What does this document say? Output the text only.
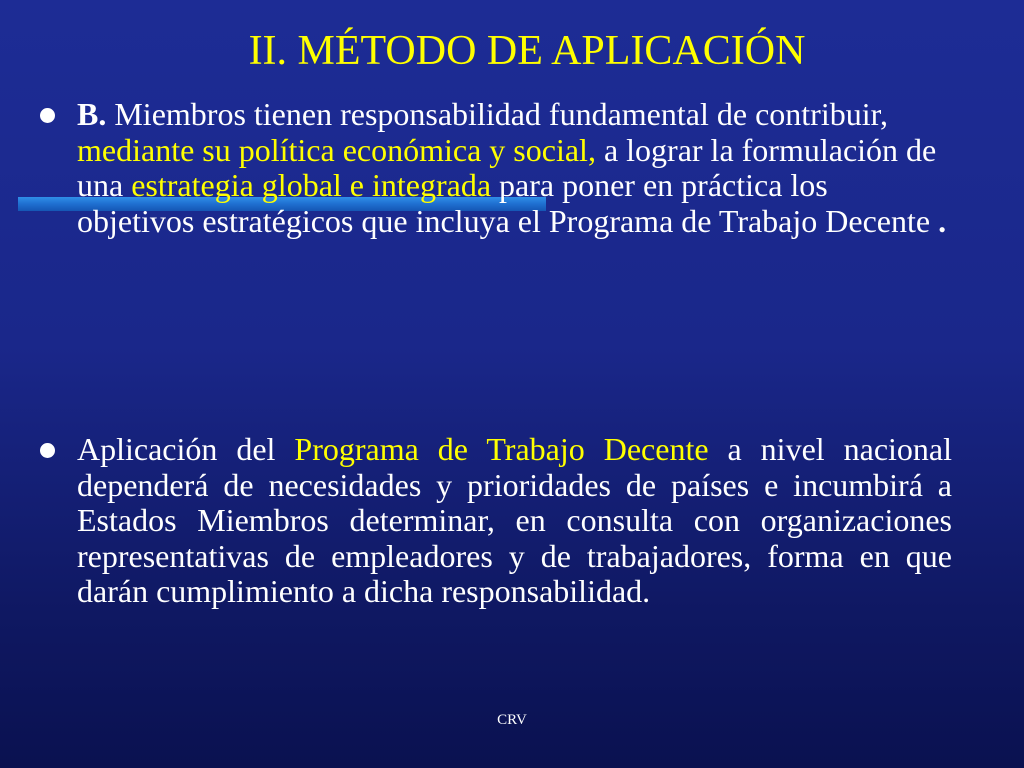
II. MÉTODO DE APLICACIÓN
B. Miembros tienen responsabilidad fundamental de contribuir, mediante su política económica y social, a lograr la formulación de una estrategia global e integrada para poner en práctica los objetivos estratégicos que incluya el Programa de Trabajo Decente .
Aplicación del Programa de Trabajo Decente a nivel nacional dependerá de necesidades y prioridades de países e incumbirá a Estados Miembros determinar, en consulta con organizaciones representativas de empleadores y de trabajadores, forma en que darán cumplimiento a dicha responsabilidad.
CRV
